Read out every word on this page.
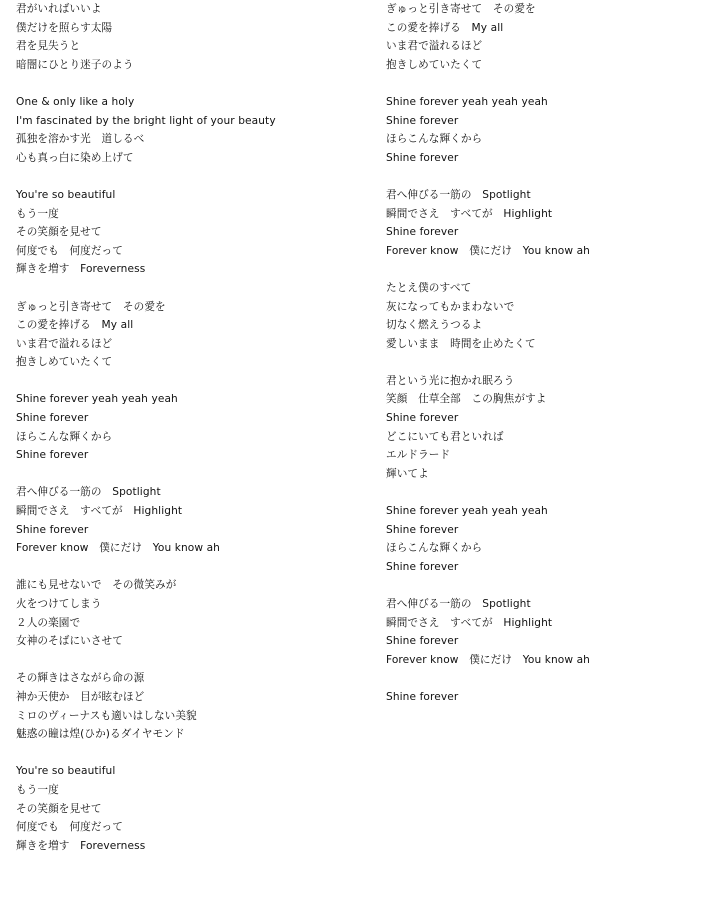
君がいればいいよ
僕だけを照らす太陽
君を見失うと
暗闇にひとり迷子のよう
One & only like a holy
I'm fascinated by the bright light of your beauty
孤独を溶かす光　道しるべ
心も真っ白に染め上げて
You're so beautiful
もう一度
その笑顔を見せて
何度でも　何度だって
輝きを増す　Foreverness
ぎゅっと引き寄せて　その愛を
この愛を捧げる　My all
いま君で溢れるほど
抱きしめていたくて
Shine forever yeah yeah yeah
Shine forever
ほらこんな輝くから
Shine forever
君へ伸びる一筋の　Spotlight
瞬間でさえ　すべてが　Highlight
Shine forever
Forever know　僕にだけ　You know ah
誰にも見せないで　その微笑みが
火をつけてしまう
２人の楽園で
女神のそばにいさせて
その輝きはさながら命の源
神か天使か　目が眩むほど
ミロのヴィーナスも適いはしない美貌
魅惑の瞳は煌(ひか)るダイヤモンド
You're so beautiful
もう一度
その笑顔を見せて
何度でも　何度だって
輝きを増す　Foreverness
ぎゅっと引き寄せて　その愛を
この愛を捧げる　My all
いま君で溢れるほど
抱きしめていたくて
Shine forever yeah yeah yeah
Shine forever
ほらこんな輝くから
Shine forever
君へ伸びる一筋の　Spotlight
瞬間でさえ　すべてが　Highlight
Shine forever
Forever know　僕にだけ　You know ah
たとえ僕のすべて
灰になってもかまわないで
切なく燃えうつるよ
愛しいまま　時間を止めたくて
君という光に抱かれ眠ろう
笑顔　仕草全部　この胸焦がすよ
Shine forever
どこにいても君といれば
エルドラード
輝いてよ
Shine forever yeah yeah yeah
Shine forever
ほらこんな輝くから
Shine forever
君へ伸びる一筋の　Spotlight
瞬間でさえ　すべてが　Highlight
Shine forever
Forever know　僕にだけ　You know ah
Shine forever
